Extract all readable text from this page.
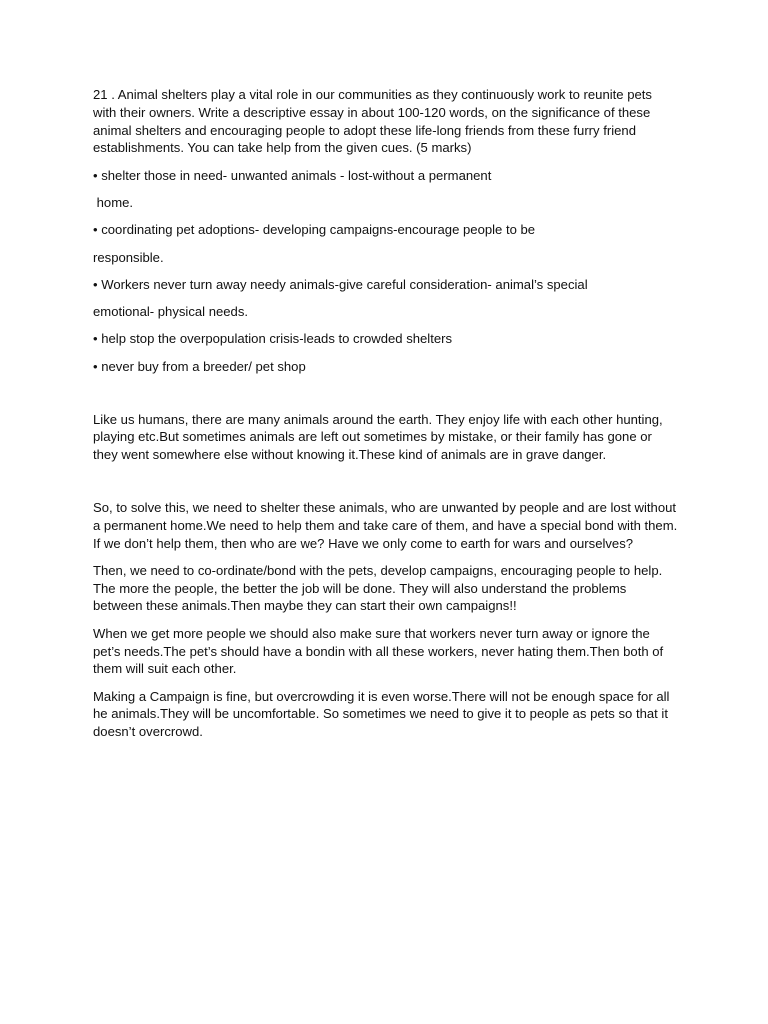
21 . Animal shelters play a vital role in our communities as they continuously work to reunite pets with their owners. Write a descriptive essay in about 100-120 words, on the significance of these animal shelters and encouraging people to adopt these life-long friends from these furry friend establishments. You can take help from the given cues. (5 marks)

• shelter those in need- unwanted animals - lost-without a permanent

home.

• coordinating pet adoptions- developing campaigns-encourage people to be

responsible.

• Workers never turn away needy animals-give careful consideration- animal’s special

emotional- physical needs.

• help stop the overpopulation crisis-leads to crowded shelters

• never buy from a breeder/ pet shop

Like us humans, there are many animals around the earth. They enjoy life with each other hunting, playing etc.But sometimes animals are left out sometimes by mistake, or their family has gone or they went somewhere else without knowing it.These kind of animals are in grave danger.

So, to solve this, we need to shelter these animals, who are unwanted by people and are lost without a permanent home.We need to help them and take care of them, and have a special bond with them. If we don’t help them, then who are we? Have we only come to earth for wars and ourselves?

Then, we need to co-ordinate/bond with the pets, develop campaigns, encouraging people to help. The more the people, the better the job will be done. They will also understand the problems between these animals.Then maybe they can start their own campaigns!!

When we get more people we should also make sure that workers never turn away or ignore the pet’s needs.The pet’s should have a bondin with all these workers, never hating them.Then both of them will suit each other.

Making a Campaign is fine, but overcrowding it is even worse.There will not be enough space for all he animals.They will be uncomfortable. So sometimes we need to give it to people as pets so that it doesn’t overcrowd.
